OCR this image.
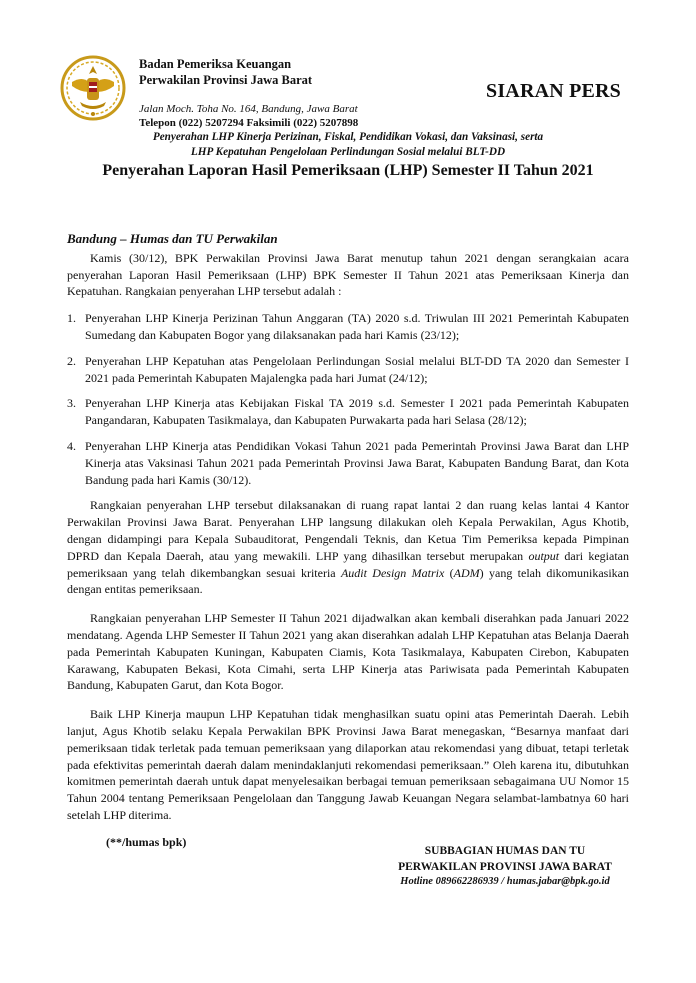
Badan Pemeriksa Keuangan
Perwakilan Provinsi Jawa Barat
Jalan Moch. Toha No. 164, Bandung, Jawa Barat
Telepon (022) 5207294 Faksimili (022) 5207898
SIARAN PERS
Penyerahan LHP Kinerja Perizinan, Fiskal, Pendidikan Vokasi, dan Vaksinasi, serta
LHP Kepatuhan Pengelolaan Perlindungan Sosial melalui BLT-DD
Penyerahan Laporan Hasil Pemeriksaan (LHP) Semester II Tahun 2021
Bandung – Humas dan TU Perwakilan

Kamis (30/12), BPK Perwakilan Provinsi Jawa Barat menutup tahun 2021 dengan serangkaian acara penyerahan Laporan Hasil Pemeriksaan (LHP) BPK Semester II Tahun 2021 atas Pemeriksaan Kinerja dan Kepatuhan. Rangkaian penyerahan LHP tersebut adalah :

1. Penyerahan LHP Kinerja Perizinan Tahun Anggaran (TA) 2020 s.d. Triwulan III 2021 Pemerintah Kabupaten Sumedang dan Kabupaten Bogor yang dilaksanakan pada hari Kamis (23/12);
2. Penyerahan LHP Kepatuhan atas Pengelolaan Perlindungan Sosial melalui BLT-DD TA 2020 dan Semester I 2021 pada Pemerintah Kabupaten Majalengka pada hari Jumat (24/12);
3. Penyerahan LHP Kinerja atas Kebijakan Fiskal TA 2019 s.d. Semester I 2021 pada Pemerintah Kabupaten Pangandaran, Kabupaten Tasikmalaya, dan Kabupaten Purwakarta pada hari Selasa (28/12);
4. Penyerahan LHP Kinerja atas Pendidikan Vokasi Tahun 2021 pada Pemerintah Provinsi Jawa Barat dan LHP Kinerja atas Vaksinasi Tahun 2021 pada Pemerintah Provinsi Jawa Barat, Kabupaten Bandung Barat, dan Kota Bandung pada hari Kamis (30/12).

Rangkaian penyerahan LHP tersebut dilaksanakan di ruang rapat lantai 2 dan ruang kelas lantai 4 Kantor Perwakilan Provinsi Jawa Barat. Penyerahan LHP langsung dilakukan oleh Kepala Perwakilan, Agus Khotib, dengan didampingi para Kepala Subauditorat, Pengendali Teknis, dan Ketua Tim Pemeriksa kepada Pimpinan DPRD dan Kepala Daerah, atau yang mewakili. LHP yang dihasilkan tersebut merupakan output dari kegiatan pemeriksaan yang telah dikembangkan sesuai kriteria Audit Design Matrix (ADM) yang telah dikomunikasikan dengan entitas pemeriksaan.

Rangkaian penyerahan LHP Semester II Tahun 2021 dijadwalkan akan kembali diserahkan pada Januari 2022 mendatang. Agenda LHP Semester II Tahun 2021 yang akan diserahkan adalah LHP Kepatuhan atas Belanja Daerah pada Pemerintah Kabupaten Kuningan, Kabupaten Ciamis, Kota Tasikmalaya, Kabupaten Cirebon, Kabupaten Karawang, Kabupaten Bekasi, Kota Cimahi, serta LHP Kinerja atas Pariwisata pada Pemerintah Kabupaten Bandung, Kabupaten Garut, dan Kota Bogor.

Baik LHP Kinerja maupun LHP Kepatuhan tidak menghasilkan suatu opini atas Pemerintah Daerah. Lebih lanjut, Agus Khotib selaku Kepala Perwakilan BPK Provinsi Jawa Barat menegaskan, “Besarnya manfaat dari pemeriksaan tidak terletak pada temuan pemeriksaan yang dilaporkan atau rekomendasi yang dibuat, tetapi terletak pada efektivitas pemerintah daerah dalam menindaklanjuti rekomendasi pemeriksaan.” Oleh karena itu, dibutuhkan komitmen pemerintah daerah untuk dapat menyelesaikan berbagai temuan pemeriksaan sebagaimana UU Nomor 15 Tahun 2004 tentang Pemeriksaan Pengelolaan dan Tanggung Jawab Keuangan Negara selambat-lambatnya 60 hari setelah LHP diterima.

(**/humas bpk)
SUBBAGIAN HUMAS DAN TU
PERWAKILAN PROVINSI JAWA BARAT
Hotline 089662286939 / humas.jabar@bpk.go.id
